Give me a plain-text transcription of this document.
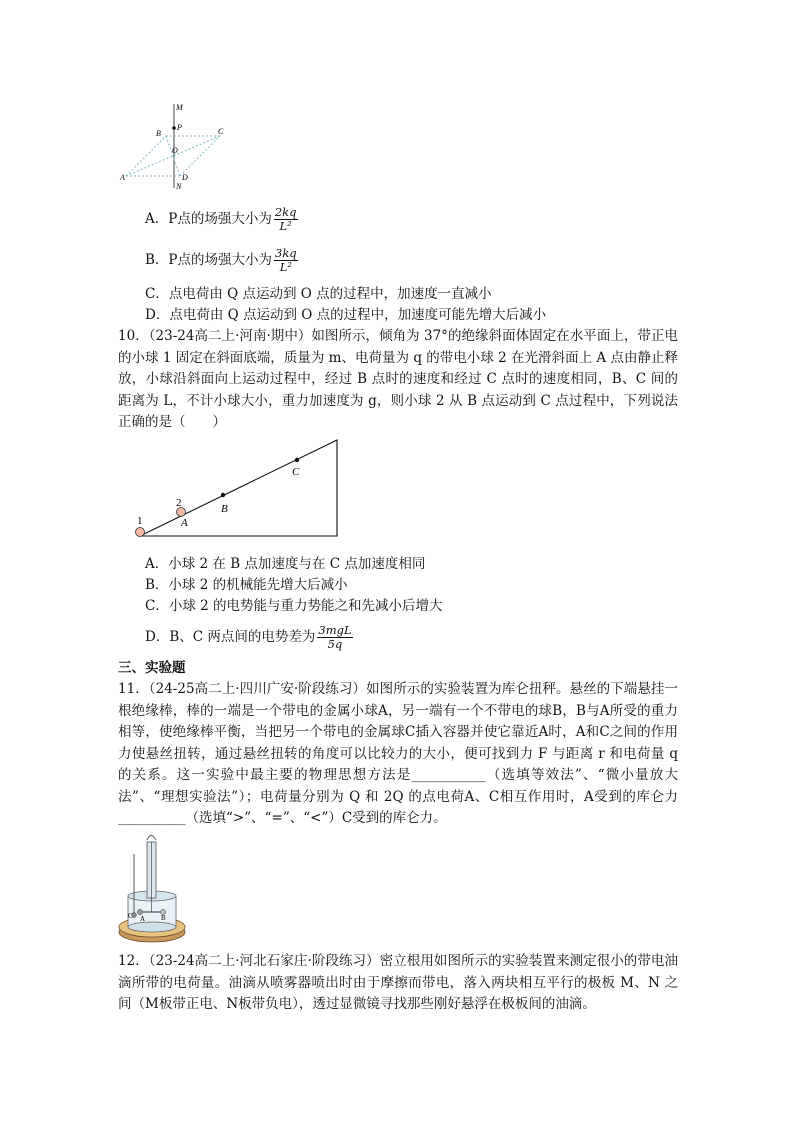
M
P
B	C
O
A	D
N
A．P点的场强大小为 $\frac{2kq}{\text{L²}}$
B．P点的场强大小为 $\frac{3kq}{\text{L²}}$
C．点电荷由 Q 点运动到 O 点的过程中，加速度一直减小
D．点电荷由 Q 点运动到 O 点的过程中，加速度可能先增大后减小
10．（23-24高二上·河南·期中）如图所示，倾角为 37°的绝缘斜面体固定在水平面上，带正电的小球 1 固定在斜面底端，质量为 m、电荷量为 q 的带电小球 2 在光滑斜面上 A 点由静止释放，小球沿斜面向上运动过程中，经过 B 点时的速度和经过 C 点时的速度相同，B、C 间的距离为 L，不计小球大小，重力加速度为 g，则小球 2 从 B 点运动到 C 点过程中，下列说法正确的是（　　）
1
2
A
B
C
A．小球 2 在 B 点加速度与在 C 点加速度相同
B．小球 2 的机械能先增大后减小
C．小球 2 的电势能与重力势能之和先减小后增大
D．B、C 两点间的电势差为 $\frac{\text{3mgL}}{5q}$
三、实验题
11．（24-25高二上·四川广安·阶段练习）如图所示的实验装置为库仑扭秤。悬丝的下端悬挂一根绝缘棒，棒的一端是一个带电的金属小球A，另一端有一个不带电的球B，B与A所受的重力相等，使绝缘棒平衡，当把另一个带电的金属球C插入容器并使它靠近A时，A和C之间的作用力使悬丝扭转，通过悬丝扭转的角度可以比较力的大小，便可找到力 F 与距离 r 和电荷量 q 的关系。这一实验中最主要的物理思想方法是___________（选填等效法”、“微小量放大法”、“理想实验法”）；电荷量分别为 Q 和 2Q 的点电荷A、C相互作用时，A受到的库仑力__________（选填“>”、“=”、“<”）C受到的库仑力。
C A B
12．（23-24高二上·河北石家庄·阶段练习）密立根用如图所示的实验装置来测定很小的带电油滴所带的电荷量。油滴从喷雾器喷出时由于摩擦而带电，落入两块相互平行的极板 M、N 之间（M板带正电、N板带负电），透过显微镜寻找那些刚好悬浮在极板间的油滴。
